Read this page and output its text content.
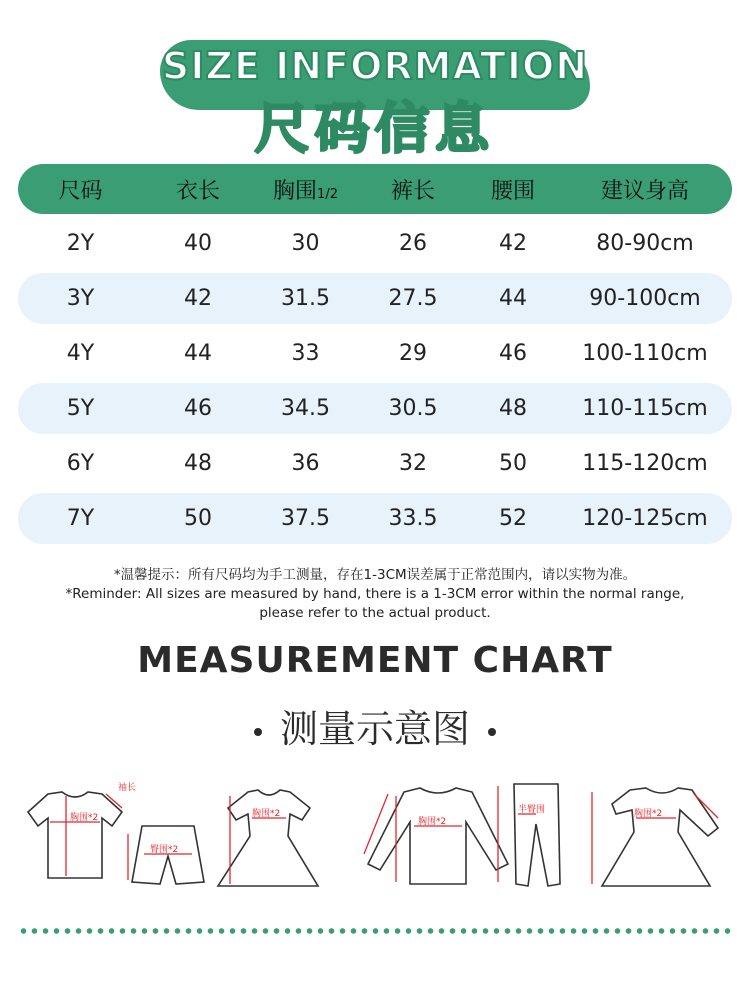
SIZE INFORMATION
尺码信息
尺码	衣长	胸围1/2	裤长	腰围	建议身高
2Y	40	30	26	42	80-90cm
3Y	42	31.5	27.5	44	90-100cm
4Y	44	33	29	46	100-110cm
5Y	46	34.5	30.5	48	110-115cm
6Y	48	36	32	50	115-120cm
7Y	50	37.5	33.5	52	120-125cm
*温馨提示：所有尺码均为手工测量，存在1-3CM误差属于正常范围内，请以实物为准。
*Reminder: All sizes are measured by hand, there is a 1-3CM error within the normal range,
please refer to the actual product.
MEASUREMENT CHART
测量示意图
胸围*2
袖长
臀围*2
胸围*2
胸围*2
半臀围	胸围*2
